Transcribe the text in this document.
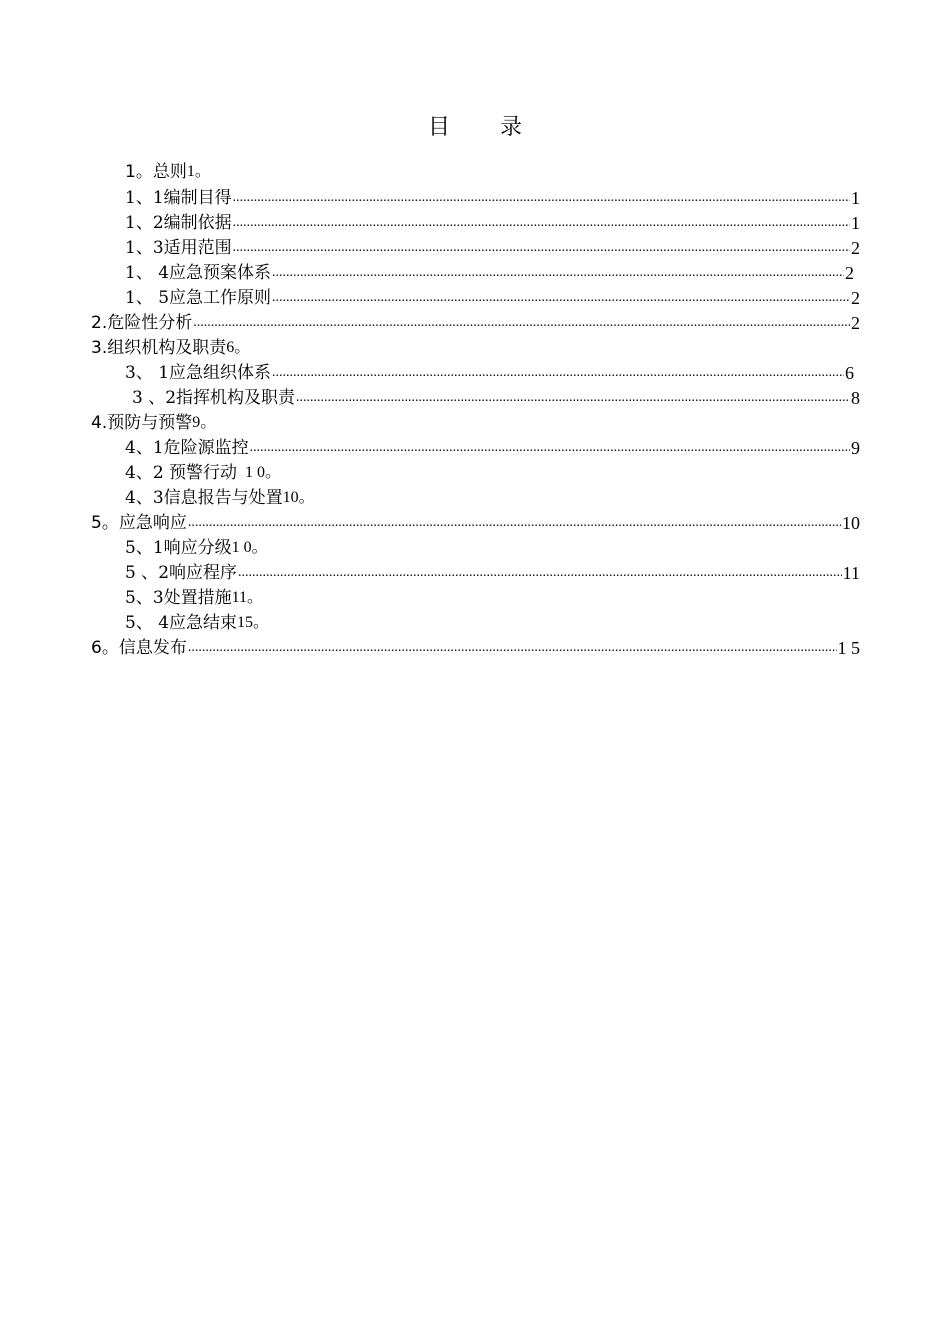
目 录
1。总则 1。
1、1编制目得 .....	1
1、2编制依据 .....	1
1、3适用范围 .....	2
1、 4应急预案体系 .....	2
1、 5应急工作原则 .....	2
2.危险性分析 .....	2
3.组织机构及职责 6。
3、 1应急组织体系 .....	6
3 、2指挥机构及职责 .....	8
4.预防与预警 9。
4、1危险源监控 .....	9
4、2 预警行动 1 0。
4、3信息报告与处置 10。
5。应急响应 .....	10
5、1响应分级 1 0。
5 、2响应程序 .....	11
5、3处置措施 11。
5、 4应急结束 15。
6。信息发布 .....	1 5
